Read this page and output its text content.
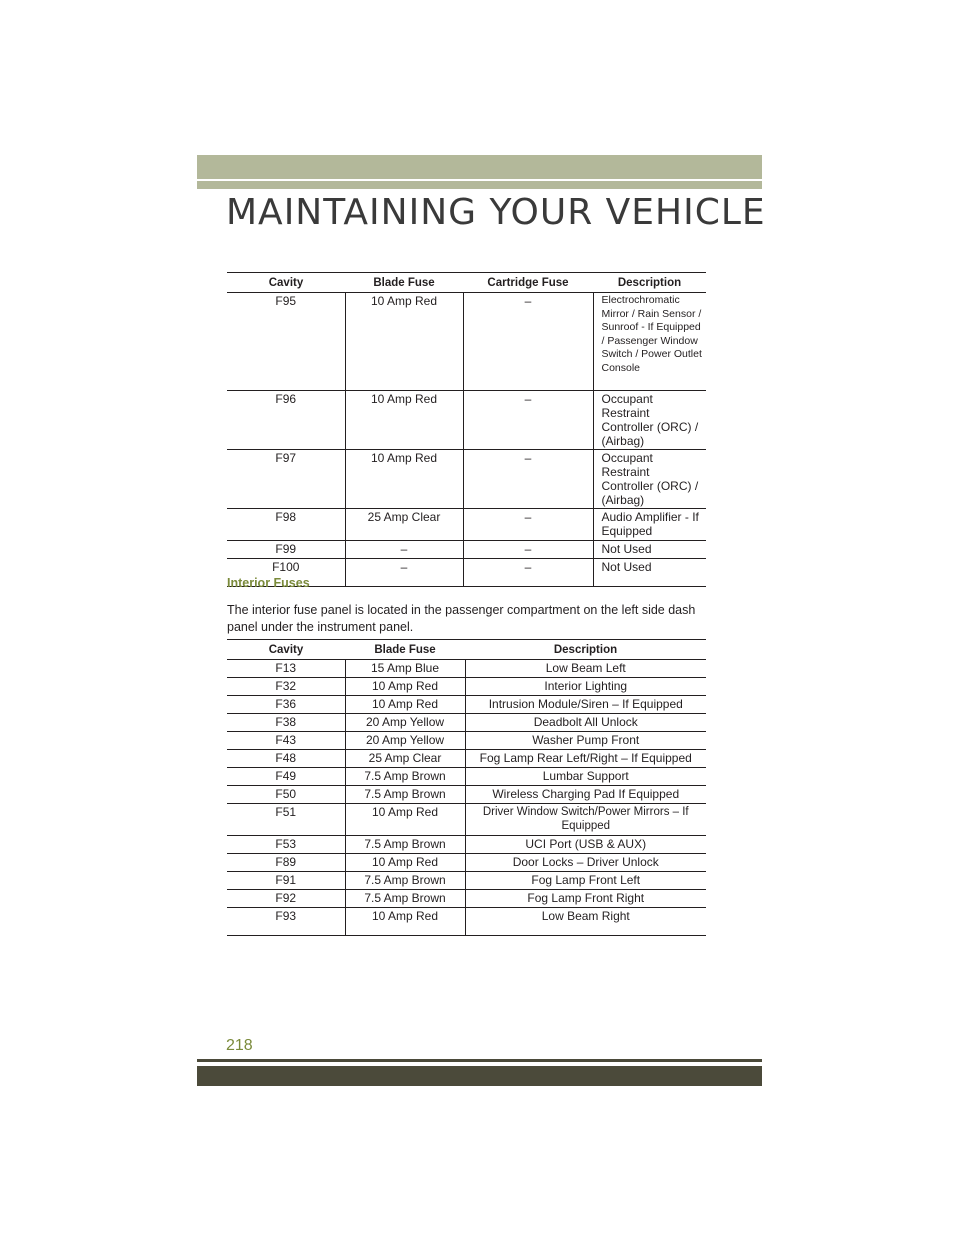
MAINTAINING YOUR VEHICLE
Cavity	Blade Fuse	Cartridge Fuse	Description
F95	10 Amp Red	–	Electrochromatic Mirror / Rain Sensor / Sunroof - If Equipped / Passenger Window Switch / Power Outlet Console
F96	10 Amp Red	–	Occupant Restraint Controller (ORC) / (Airbag)
F97	10 Amp Red	–	Occupant Restraint Controller (ORC) / (Airbag)
F98	25 Amp Clear	–	Audio Amplifier - If Equipped
F99	–	–	Not Used
F100	–	–	Not Used
Interior Fuses
The interior fuse panel is located in the passenger compartment on the left side dash panel under the instrument panel.
Cavity	Blade Fuse	Description
F13	15 Amp Blue	Low Beam Left
F32	10 Amp Red	Interior Lighting
F36	10 Amp Red	Intrusion Module/Siren – If Equipped
F38	20 Amp Yellow	Deadbolt All Unlock
F43	20 Amp Yellow	Washer Pump Front
F48	25 Amp Clear	Fog Lamp Rear Left/Right – If Equipped
F49	7.5 Amp Brown	Lumbar Support
F50	7.5 Amp Brown	Wireless Charging Pad If Equipped
F51	10 Amp Red	Driver Window Switch/Power Mirrors – If Equipped
F53	7.5 Amp Brown	UCI Port (USB & AUX)
F89	10 Amp Red	Door Locks – Driver Unlock
F91	7.5 Amp Brown	Fog Lamp Front Left
F92	7.5 Amp Brown	Fog Lamp Front Right
F93	10 Amp Red	Low Beam Right
218
